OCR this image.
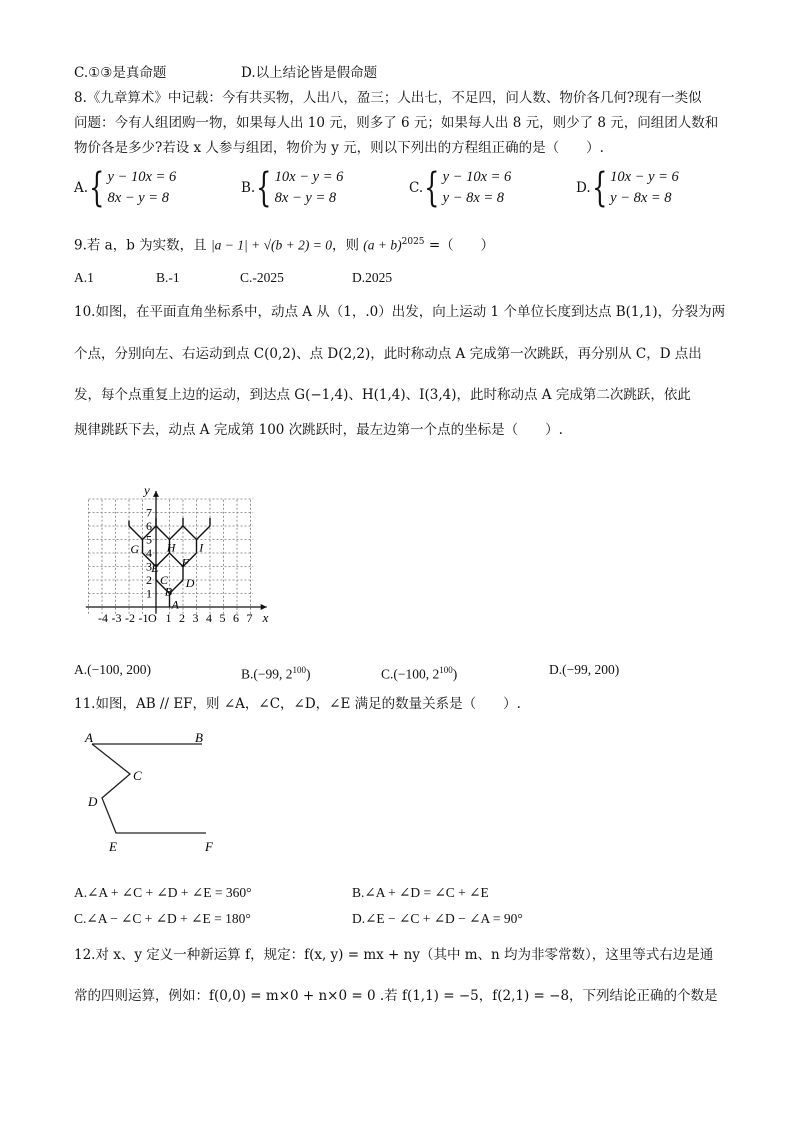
C.①③是真命题	D.以上结论皆是假命题
8.《九章算术》中记载：今有共买物，人出八，盈三；人出七，不足四，问人数、物价各几何?现有一类似
问题：今有人组团购一物，如果每人出 10 元，则多了 6 元；如果每人出 8 元，则少了 8 元，问组团人数和
物价各是多少?若设 x 人参与组团，物价为 y 元，则以下列出的方程组正确的是（　　）.
A. { y − 10x = 6
8x − y = 8
B. { 10x − y = 6
8x − y = 8
C. { y − 10x = 6
y − 8x = 8
D. { 10x − y = 6
y − 8x = 8
9.若 a，b 为实数，且 |a − 1| + √(b + 2) = 0，则 $(a + b)^{2025}$ =（　　）
A.1	B.-1	C.-2025	D.2025
10.如图，在平面直角坐标系中，动点 A 从（1，.0）出发，向上运动 1 个单位长度到达点 B(1,1)，分裂为两
个点，分别向左、右运动到点 C(0,2)、点 D(2,2)，此时称动点 A 完成第一次跳跃，再分别从 C，D 点出
发，每个点重复上边的运动，到达点 G(−1,4)、H(1,4)、I(3,4)，此时称动点 A 完成第二次跳跃，依此
规律跳跃下去，动点 A 完成第 100 次跳跃时，最左边第一个点的坐标是（　　）.
-4 -3 -2 -1 O 1 2 3 4 5 6 7
1
2
3
4
5
6
7
A
B
C D
E F
G H I
x
y
A.(−100, 200)	B.(−99, $2^{100}$)	C.(−100, $2^{100}$)	D.(−99, 200)
11.如图，AB // EF，则 ∠A，∠C，∠D，∠E 满足的数量关系是（　　）.
A	B
C
D
E	F
A.∠A + ∠C + ∠D + ∠E = 360°	B.∠A + ∠D = ∠C + ∠E
C.∠A − ∠C + ∠D + ∠E = 180°	D.∠E − ∠C + ∠D − ∠A = 90°
12.对 x、y 定义一种新运算 f，规定：f(x, y) = mx + ny（其中 m、n 均为非零常数），这里等式右边是通
常的四则运算，例如：f(0,0) = m×0 + n×0 = 0 .若 f(1,1) = −5，f(2,1) = −8，下列结论正确的个数是
